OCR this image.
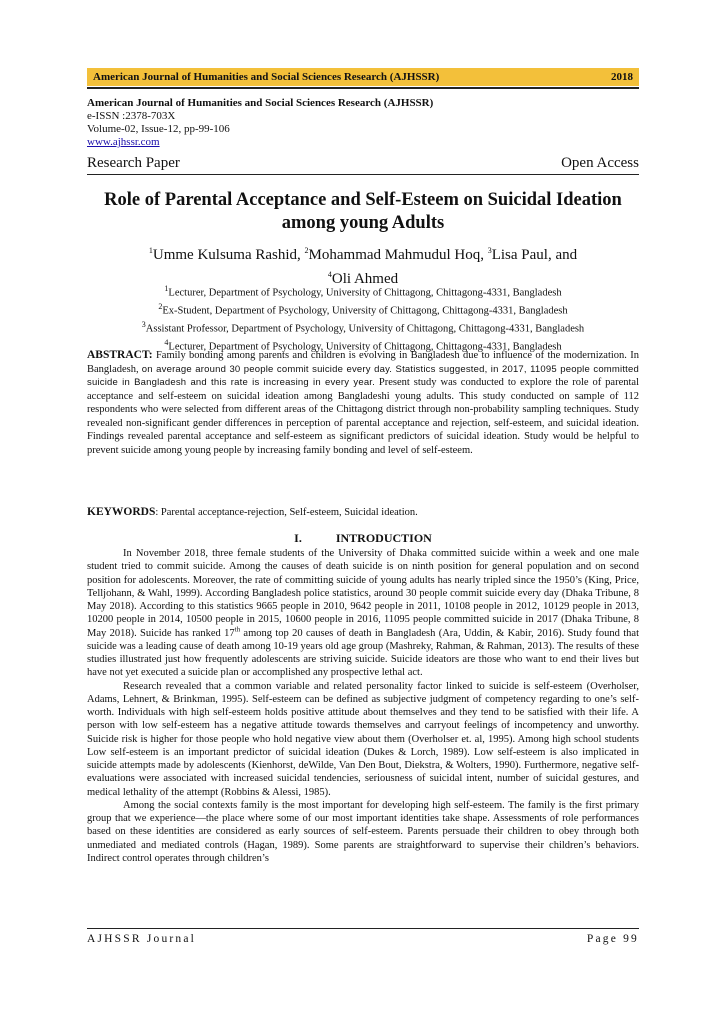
American Journal of Humanities and Social Sciences Research (AJHSSR)	2018
American Journal of Humanities and Social Sciences Research (AJHSSR)
e-ISSN :2378-703X
Volume-02, Issue-12, pp-99-106
www.ajhssr.com
Research Paper	Open Access
Role of Parental Acceptance and Self-Esteem on Suicidal Ideation
among young Adults
$^1$Umme Kulsuma Rashid, $^2$Mohammad Mahmudul Hoq, $^3$Lisa Paul, and
$^4$Oli Ahmed
$^1$Lecturer, Department of Psychology, University of Chittagong, Chittagong-4331, Bangladesh
$^2$Ex-Student, Department of Psychology, University of Chittagong, Chittagong-4331, Bangladesh
$^3$Assistant Professor, Department of Psychology, University of Chittagong, Chittagong-4331, Bangladesh
$^4$Lecturer, Department of Psychology, University of Chittagong, Chittagong-4331, Bangladesh
ABSTRACT: Family bonding among parents and children is evolving in Bangladesh due to influence of the modernization. In Bangladesh, on average around 30 people commit suicide every day. Statistics suggested, in 2017, 11095 people committed suicide in Bangladesh and this rate is increasing in every year. Present study was conducted to explore the role of parental acceptance and self-esteem on suicidal ideation among Bangladeshi young adults. This study conducted on sample of 112 respondents who were selected from different areas of the Chittagong district through non-probability sampling techniques. Study revealed non-significant gender differences in perception of parental acceptance and rejection, self-esteem, and suicidal ideation. Findings revealed parental acceptance and self-esteem as significant predictors of suicidal ideation. Study would be helpful to prevent suicide among young people by increasing family bonding and level of self-esteem.
KEYWORDS: Parental acceptance-rejection, Self-esteem, Suicidal ideation.
I.	INTRODUCTION

In November 2018, three female students of the University of Dhaka committed suicide within a week and one male student tried to commit suicide. Among the causes of death suicide is on ninth position for general population and on second position for adolescents. Moreover, the rate of committing suicide of young adults has nearly tripled since the 1950’s (King, Price, Telljohann, & Wahl, 1999). According Bangladesh police statistics, around 30 people commit suicide every day (Dhaka Tribune, 8 May 2018). According to this statistics 9665 people in 2010, 9642 people in 2011, 10108 people in 2012, 10129 people in 2013, 10200 people in 2014, 10500 people in 2015, 10600 people in 2016, 11095 people committed suicide in 2017 (Dhaka Tribune, 8 May 2018). Suicide has ranked 17th among top 20 causes of death in Bangladesh (Ara, Uddin, & Kabir, 2016). Study found that suicide was a leading cause of death among 10-19 years old age group (Mashreky, Rahman, & Rahman, 2013). The results of these studies illustrated just how frequently adolescents are striving suicide. Suicide ideators are those who want to end their lives but have not yet executed a suicide plan or accomplished any prospective lethal act.

Research revealed that a common variable and related personality factor linked to suicide is self-esteem (Overholser, Adams, Lehnert, & Brinkman, 1995). Self-esteem can be defined as subjective judgment of competency regarding to one’s self-worth. Individuals with high self-esteem holds positive attitude about themselves and they tend to be satisfied with their life. A person with low self-esteem has a negative attitude towards themselves and carryout feelings of incompetency and unworthy. Suicide risk is higher for those people who hold negative view about them (Overholser et. al, 1995). Among high school students Low self-esteem is an important predictor of suicidal ideation (Dukes & Lorch, 1989). Low self-esteem is also implicated in suicide attempts made by adolescents (Kienhorst, deWilde, Van Den Bout, Diekstra, & Wolters, 1990). Furthermore, negative self-evaluations were associated with increased suicidal tendencies, seriousness of suicidal intent, number of suicidal gestures, and medical lethality of the attempt (Robbins & Alessi, 1985).

Among the social contexts family is the most important for developing high self-esteem. The family is the first primary group that we experience—the place where some of our most important identities take shape. Assessments of role performances based on these identities are considered as early sources of self-esteem. Parents persuade their children to obey through both unmediated and mediated controls (Hagan, 1989). Some parents are straightforward to supervise their children’s behaviors. Indirect control operates through children’s

AJHSSR Journal	Page 99
